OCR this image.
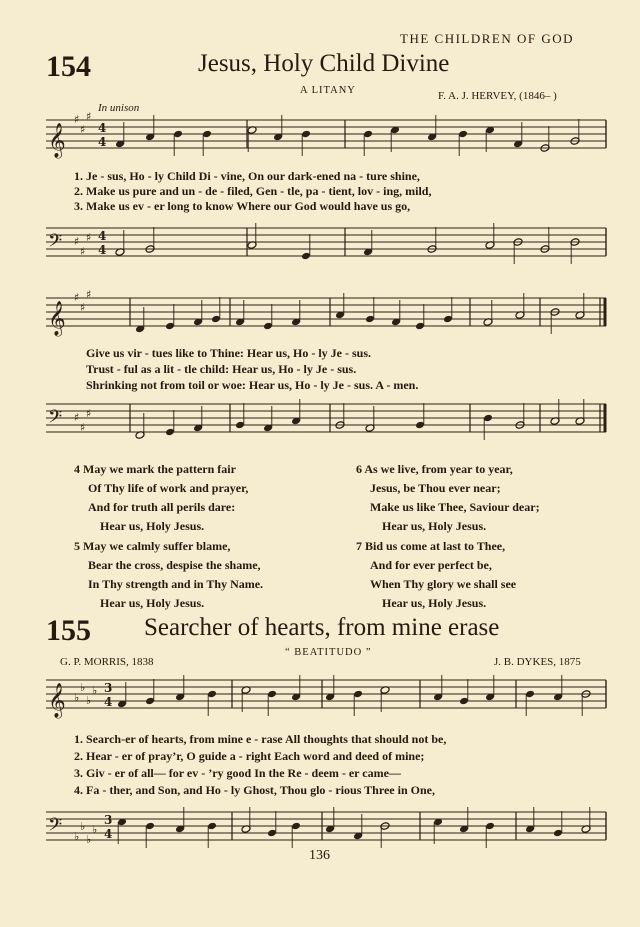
THE CHILDREN OF GOD
154	Jesus, Holy Child Divine
A LITANY	F. A. J. HERVEY, (1846– )
In unison
𝄞
♯
♯
♯
4
4
𝄢 ♯
♯
♯ 4
4
1. Je - sus, Ho - ly Child Di - vine, On our dark-ened na - ture shine,
2. Make us pure and un - de - filed, Gen - tle, pa - tient, lov - ing, mild,
3. Make us ev - er long to know Where our God would have us go,
𝄞
♯
♯
♯
𝄢 ♯
♯
♯
Give us vir - tues like to Thine: Hear us, Ho - ly Je - sus.
Trust - ful as a lit - tle child: Hear us, Ho - ly Je - sus.
Shrinking not from toil or woe: Hear us, Ho - ly Je - sus. A - men.
4 May we mark the pattern fair
Of Thy life of work and prayer,
And for truth all perils dare:
Hear us, Holy Jesus.
5 May we calmly suffer blame,
Bear the cross, despise the shame,
In Thy strength and in Thy Name.
Hear us, Holy Jesus.
6 As we live, from year to year,
Jesus, be Thou ever near;
Make us like Thee, Saviour dear;
Hear us, Holy Jesus.
7 Bid us come at last to Thee,
And for ever perfect be,
When Thy glory we shall see
Hear us, Holy Jesus.
155 Searcher of hearts, from mine erase
“ BEATITUDO ”
G. P. MORRIS, 1838	J. B. DYKES, 1875
𝄞 ♭
♭
♭
♭ 3
4
𝄢 ♭
♭
♭
♭
3
4
1. Search-er of hearts, from mine e - rase All thoughts that should not be,
2. Hear - er of pray’r, O guide a - right Each word and deed of mine;
3. Giv - er of all— for ev - ’ry good In the Re - deem - er came—
4. Fa - ther, and Son, and Ho - ly Ghost, Thou glo - rious Three in One,
136
